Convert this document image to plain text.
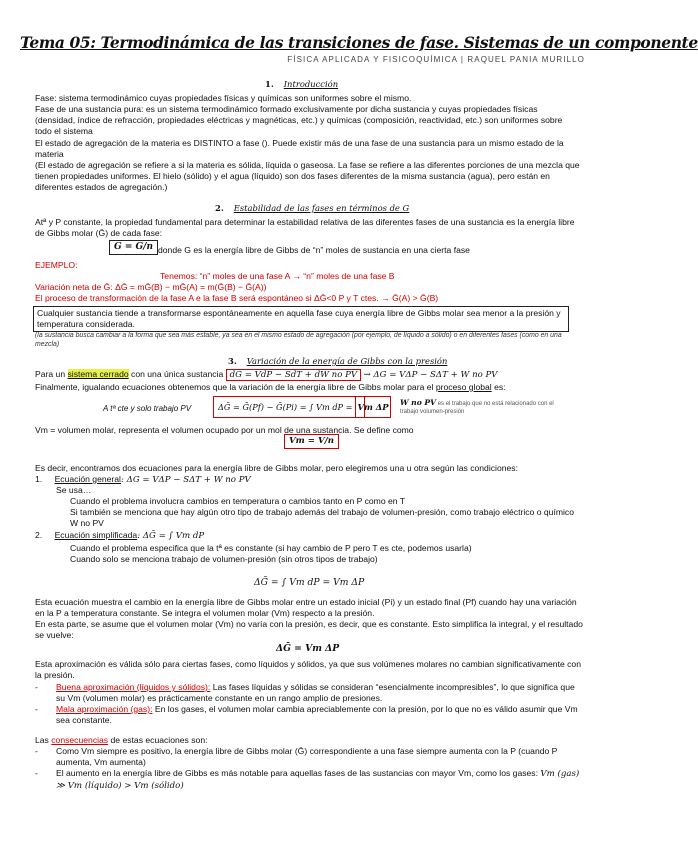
Tema 05: Termodinámica de las transiciones de fase. Sistemas de un componente
FÍSICA APLICADA Y FISICOQUÍMICA | RAQUEL PANIA MURILLO
1. Introducción

Fase: sistema termodinámico cuyas propiedades físicas y químicas son uniformes sobre el mismo.

Fase de una sustancia pura: es un sistema termodinámico formado exclusivamente por dicha sustancia y cuyas propiedades físicas (densidad, índice de refracción, propiedades eléctricas y magnéticas, etc.) y químicas (composición, reactividad, etc.) son uniformes sobre todo el sistema

El estado de agregación de la materia es DISTINTO a fase (). Puede existir más de una fase de una sustancia para un mismo estado de la materia

(El estado de agregación se refiere a si la materia es sólida, líquida o gaseosa. La fase se refiere a las diferentes porciones de una mezcla que tienen propiedades uniformes. El hielo (sólido) y el agua (líquido) son dos fases diferentes de la misma sustancia (agua), pero están en diferentes estados de agregación.)

2. Estabilidad de las fases en términos de G

Atª y P constante, la propiedad fundamental para determinar la estabilidad relativa de las diferentes fases de una sustancia es la energía libre de Gibbs molar (Ḡ) de cada fase:

Ḡ = G/n donde G es la energía libre de Gibbs de “n” moles de sustancia en una cierta fase

EJEMPLO:

Tenemos: “n” moles de una fase A → “n” moles de una fase B

Variación neta de Ḡ: ΔḠ = mḠ(B) − mḠ(A) = m(Ḡ(B) − Ḡ(A))

El proceso de transformación de la fase A e la fase B será espontáneo si ΔḠ<0 P y T ctes. → Ḡ(A) > Ḡ(B)

Cualquier sustancia tiende a transformarse espontáneamente en aquella fase cuya energía libre de Gibbs molar sea menor a la presión y temperatura considerada.

(la sustancia busca cambiar a la forma que sea más estable, ya sea en el mismo estado de agregación (por ejemplo, de líquido a sólido) o en diferentes fases (como en una mezcla)

3. Variación de la energía de Gibbs con la presión
Para un sistema cerrado con una única sustancia dG = VdP − SdT + dW no PV → ΔG = VΔP − SΔT + W no PV
Finalmente, igualando ecuaciones obtenemos que la variación de la energía libre de Gibbs molar para el proceso global es:

A tª cte y solo trabajo PV	ΔḠ = Ḡ(Pf) − Ḡ(Pi) = ∫ Vm dP = Vm ΔP	W no PV es el trabajo que no está relacionado con el trabajo volumen-presión

Vm = volumen molar, representa el volumen ocupado por un mol de una sustancia. Se define como

Vm = V/n

Es decir, encontramos dos ecuaciones para la energía libre de Gibbs molar, pero elegiremos una u otra según las condiciones:

1. Ecuación general: ΔG = VΔP − SΔT + W no PV

Se usa…

Cuando el problema involucra cambios en temperatura o cambios tanto en P como en T

Si también se menciona que hay algún otro tipo de trabajo además del trabajo de volumen-presión, como trabajo eléctrico o químico W no PV

2. Ecuación simplificada: ΔḠ = ∫ Vm dP

Cuando el problema especifica que la tª es constante (si hay cambio de P pero T es cte, podemos usarla)

Cuando solo se menciona trabajo de volumen-presión (sin otros tipos de trabajo)

ΔḠ = ∫ Vm dP = Vm ΔP

Esta ecuación muestra el cambio en la energía libre de Gibbs molar entre un estado inicial (Pi) y un estado final (Pf) cuando hay una variación en la P a temperatura constante. Se integra el volumen molar (Vm) respecto a la presión.

En esta parte, se asume que el volumen molar (Vm) no varía con la presión, es decir, que es constante. Esto simplifica la integral, y el resultado se vuelve:

ΔḠ = Vm ΔP

Esta aproximación es válida sólo para ciertas fases, como líquidos y sólidos, ya que sus volúmenes molares no cambian significativamente con la presión.

- Buena aproximación (líquidos y sólidos): Las fases líquidas y sólidas se consideran “esencialmente incompresibles”, lo que significa que su Vm (volumen molar) es prácticamente constante en un rango amplio de presiones.
- Mala aproximación (gas): En los gases, el volumen molar cambia apreciablemente con la presión, por lo que no es válido asumir que Vm sea constante.
Las consecuencias de estas ecuaciones son:
- Como Vm siempre es positivo, la energía libre de Gibbs molar (Ḡ) correspondiente a una fase siempre aumenta con la P (cuando P aumenta, Vm aumenta)
- El aumento en la energía libre de Gibbs es más notable para aquellas fases de las sustancias con mayor Vm, como los gases: Vm (gas) ≫ Vm (líquido) > Vm (sólido)
